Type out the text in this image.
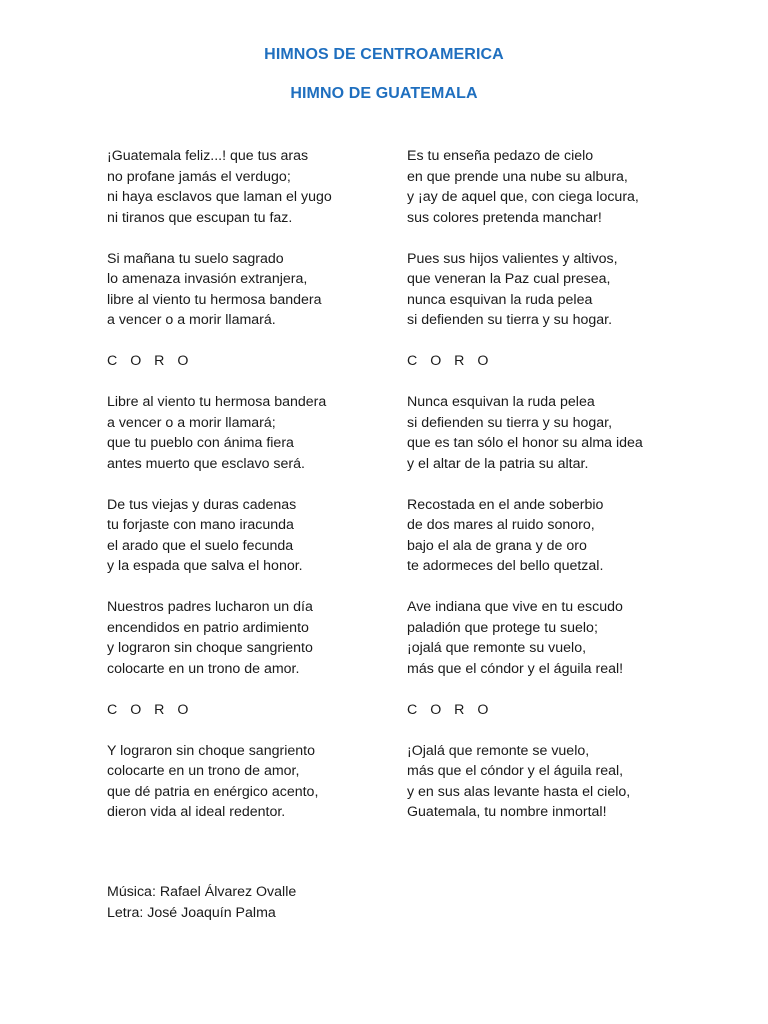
HIMNOS DE CENTROAMERICA
HIMNO DE GUATEMALA
¡Guatemala feliz...! que tus aras
no profane jamás el verdugo;
ni haya esclavos que laman el yugo
ni tiranos que escupan tu faz.
Si mañana tu suelo sagrado
lo amenaza invasión extranjera,
libre al viento tu hermosa bandera
a vencer o a morir llamará.
C O R O
Libre al viento tu hermosa bandera
a vencer o a morir llamará;
que tu pueblo con ánima fiera
antes muerto que esclavo será.
De tus viejas y duras cadenas
tu forjaste con mano iracunda
el arado que el suelo fecunda
y la espada que salva el honor.
Nuestros padres lucharon un día
encendidos en patrio ardimiento
y lograron sin choque sangriento
colocarte en un trono de amor.
C O R O
Y lograron sin choque sangriento
colocarte en un trono de amor,
que dé patria en enérgico acento,
dieron vida al ideal redentor.
Es tu enseña pedazo de cielo
en que prende una nube su albura,
y ¡ay de aquel que, con ciega locura,
sus colores pretenda manchar!
Pues sus hijos valientes y altivos,
que veneran la Paz cual presea,
nunca esquivan la ruda pelea
si defienden su tierra y su hogar.
C O R O
Nunca esquivan la ruda pelea
si defienden su tierra y su hogar,
que es tan sólo el honor su alma idea
y el altar de la patria su altar.
Recostada en el ande soberbio
de dos mares al ruido sonoro,
bajo el ala de grana y de oro
te adormeces del bello quetzal.
Ave indiana que vive en tu escudo
paladión que protege tu suelo;
¡ojalá que remonte su vuelo,
más que el cóndor y el águila real!
C O R O
¡Ojalá que remonte se vuelo,
más que el cóndor y el águila real,
y en sus alas levante hasta el cielo,
Guatemala, tu nombre inmortal!
Música: Rafael Álvarez Ovalle
Letra: José Joaquín Palma
